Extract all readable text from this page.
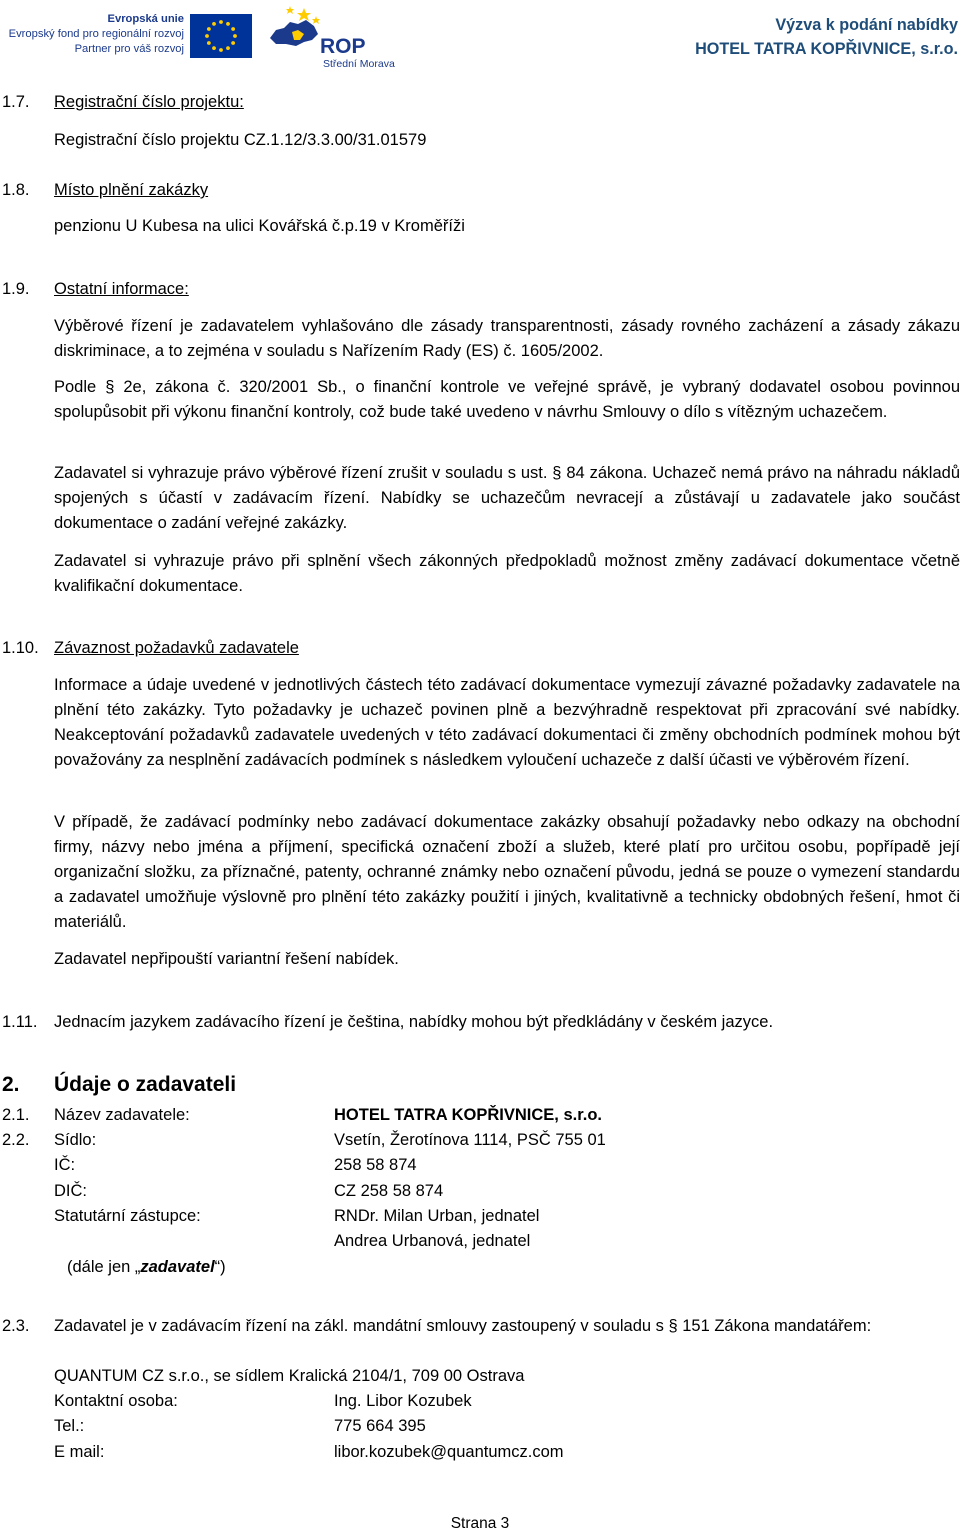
Evropská unie
Evropský fond pro regionální rozvoj
Partner pro váš rozvoj	ROP
Střední Morava
Výzva k podání nabídky
HOTEL TATRA KOPŘIVNICE, s.r.o.
1.7. Registrační číslo projektu:
Registrační číslo projektu CZ.1.12/3.3.00/31.01579
1.8. Místo plnění zakázky
penzionu U Kubesa na ulici Kovářská č.p.19 v Kroměříži
1.9. Ostatní informace:

Výběrové řízení je zadavatelem vyhlašováno dle zásady transparentnosti, zásady rovného zacházení a zásady zákazu diskriminace, a to zejména v souladu s Nařízením Rady (ES) č. 1605/2002.

Podle § 2e, zákona č. 320/2001 Sb., o finanční kontrole ve veřejné správě, je vybraný dodavatel osobou povinnou spolupůsobit při výkonu finanční kontroly, což bude také uvedeno v návrhu Smlouvy o dílo s vítězným uchazečem.

Zadavatel si vyhrazuje právo výběrové řízení zrušit v souladu s ust. § 84 zákona. Uchazeč nemá právo na náhradu nákladů spojených s účastí v zadávacím řízení. Nabídky se uchazečům nevracejí a zůstávají u zadavatele jako součást dokumentace o zadání veřejné zakázky.

Zadavatel si vyhrazuje právo při splnění všech zákonných předpokladů možnost změny zadávací dokumentace včetně kvalifikační dokumentace.

1.10. Závaznost požadavků zadavatele

Informace a údaje uvedené v jednotlivých částech této zadávací dokumentace vymezují závazné požadavky zadavatele na plnění této zakázky. Tyto požadavky je uchazeč povinen plně a bezvýhradně respektovat při zpracování své nabídky. Neakceptování požadavků zadavatele uvedených v této zadávací dokumentaci či změny obchodních podmínek mohou být považovány za nesplnění zadávacích podmínek s následkem vyloučení uchazeče z další účasti ve výběrovém řízení.

V případě, že zadávací podmínky nebo zadávací dokumentace zakázky obsahují požadavky nebo odkazy na obchodní firmy, názvy nebo jména a příjmení, specifická označení zboží a služeb, které platí pro určitou osobu, popřípadě její organizační složku, za příznačné, patenty, ochranné známky nebo označení původu, jedná se pouze o vymezení standardu a zadavatel umožňuje výslovně pro plnění této zakázky použití i jiných, kvalitativně a technicky obdobných řešení, hmot či materiálů.

Zadavatel nepřipouští variantní řešení nabídek.

1.11. Jednacím jazykem zadávacího řízení je čeština, nabídky mohou být předkládány v českém jazyce.
2. Údaje o zadavateli
2.1. Název zadavatele:	HOTEL TATRA KOPŘIVNICE, s.r.o.
2.2. Sídlo:	Vsetín, Žerotínova 1114, PSČ 755 01
IČ:	258 58 874
DIČ:	CZ 258 58 874
Statutární zástupce:	RNDr. Milan Urban, jednatel
Andrea Urbanová, jednatel
(dále jen „zadavatel“)
2.3. Zadavatel je v zadávacím řízení na zákl. mandátní smlouvy zastoupený v souladu s § 151 Zákona mandatářem:

QUANTUM CZ s.r.o., se sídlem Kralická 2104/1, 709 00 Ostrava
Kontaktní osoba:	Ing. Libor Kozubek
Tel.:	775 664 395
E mail:	libor.kozubek@quantumcz.com
Strana 3
